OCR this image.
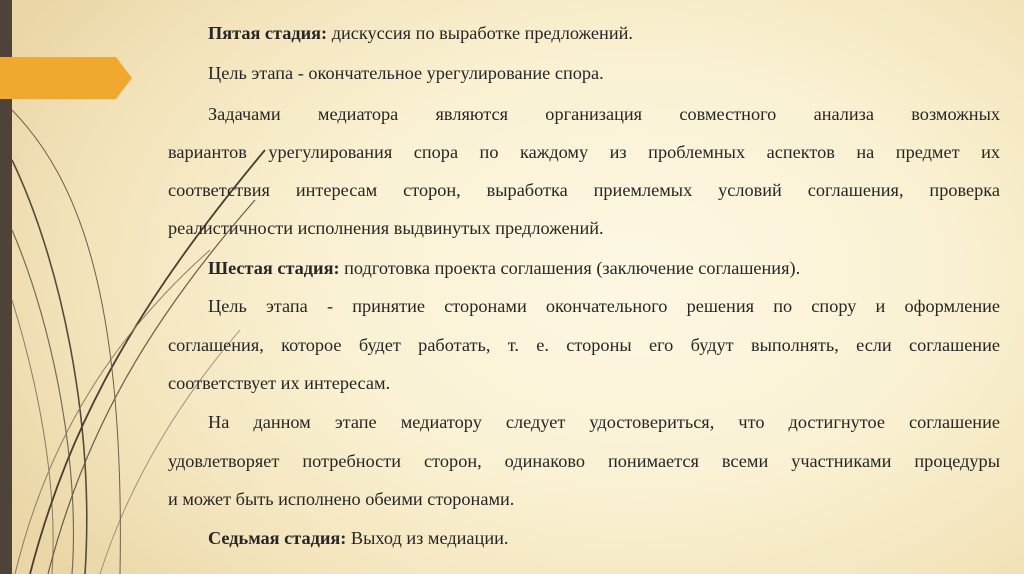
Пятая стадия: дискуссия по выработке предложений.
Цель этапа - окончательное урегулирование спора.
Задачами медиатора являются организация совместного анализа возможных
вариантов урегулирования спора по каждому из проблемных аспектов на предмет их
соответствия интересам сторон, выработка приемлемых условий соглашения, проверка
реалистичности исполнения выдвинутых предложений.
Шестая стадия: подготовка проекта соглашения (заключение соглашения).
Цель этапа - принятие сторонами окончательного решения по спору и оформление
соглашения, которое будет работать, т. е. стороны его будут выполнять, если соглашение
соответствует их интересам.
На данном этапе медиатору следует удостовериться, что достигнутое соглашение
удовлетворяет потребности сторон, одинаково понимается всеми участниками процедуры
и может быть исполнено обеими сторонами.
Седьмая стадия: Выход из медиации.
